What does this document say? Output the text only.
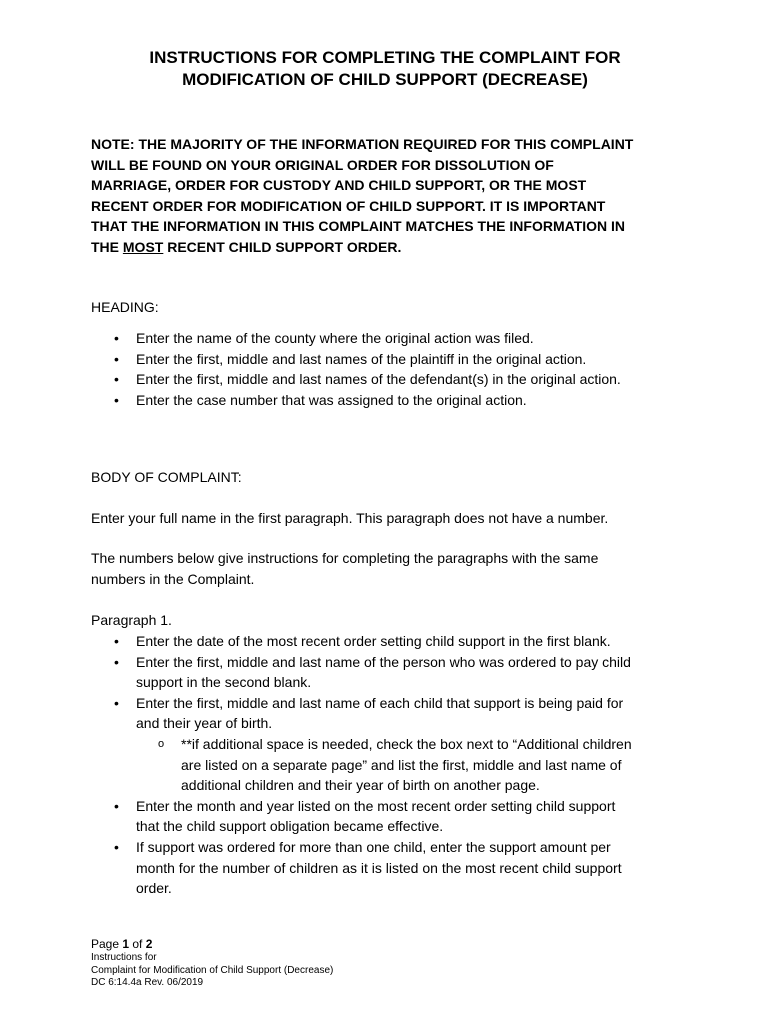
INSTRUCTIONS FOR COMPLETING THE COMPLAINT FOR
MODIFICATION OF CHILD SUPPORT (DECREASE)
NOTE: THE MAJORITY OF THE INFORMATION REQUIRED FOR THIS COMPLAINT
WILL BE FOUND ON YOUR ORIGINAL ORDER FOR DISSOLUTION OF
MARRIAGE, ORDER FOR CUSTODY AND CHILD SUPPORT, OR THE MOST
RECENT ORDER FOR MODIFICATION OF CHILD SUPPORT. IT IS IMPORTANT
THAT THE INFORMATION IN THIS COMPLAINT MATCHES THE INFORMATION IN
THE MOST RECENT CHILD SUPPORT ORDER.
HEADING:
• Enter the name of the county where the original action was filed.
• Enter the first, middle and last names of the plaintiff in the original action.
• Enter the first, middle and last names of the defendant(s) in the original action.
• Enter the case number that was assigned to the original action.
BODY OF COMPLAINT:
Enter your full name in the first paragraph. This paragraph does not have a number.
The numbers below give instructions for completing the paragraphs with the same
numbers in the Complaint.
Paragraph 1.
• Enter the date of the most recent order setting child support in the first blank.
• Enter the first, middle and last name of the person who was ordered to pay child
support in the second blank.
• Enter the first, middle and last name of each child that support is being paid for
and their year of birth.
o **if additional space is needed, check the box next to “Additional children
are listed on a separate page” and list the first, middle and last name of
additional children and their year of birth on another page.
• Enter the month and year listed on the most recent order setting child support
that the child support obligation became effective.
• If support was ordered for more than one child, enter the support amount per
month for the number of children as it is listed on the most recent child support
order.
Page 1 of 2
Instructions for
Complaint for Modification of Child Support (Decrease)
DC 6:14.4a Rev. 06/2019
